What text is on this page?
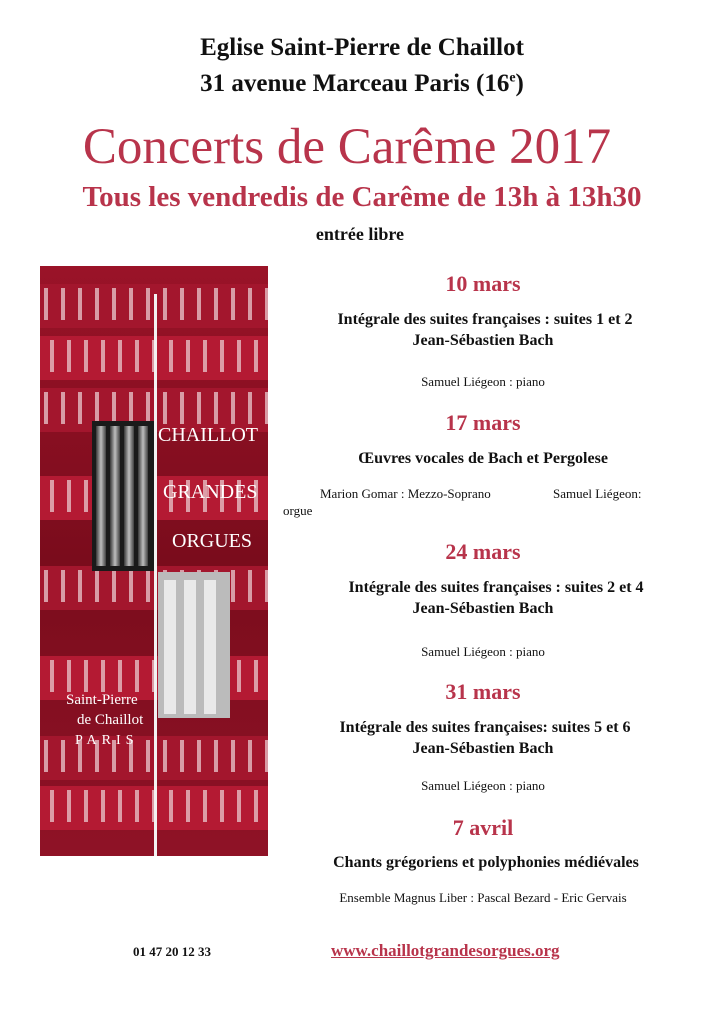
Eglise Saint-Pierre de Chaillot
31 avenue Marceau Paris (16e)
Concerts de Carême 2017
Tous les vendredis de Carême de 13h à 13h30
entrée libre
CHAILLOT
GRANDES
ORGUES
Saint-Pierre
de Chaillot
PARIS
10 mars
Intégrale des suites françaises : suites 1 et 2
Jean-Sébastien Bach
Samuel Liégeon : piano
17 mars
Œuvres vocales de Bach et Pergolese
Marion Gomar : Mezzo-Soprano	Samuel Liégeon:
orgue
24 mars
Intégrale des suites françaises : suites 2 et 4
Jean-Sébastien Bach
Samuel Liégeon : piano
31 mars
Intégrale des suites françaises: suites 5 et 6
Jean-Sébastien Bach
Samuel Liégeon : piano
7 avril
Chants grégoriens et polyphonies médiévales
Ensemble Magnus Liber : Pascal Bezard - Eric Gervais
01 47 20 12 33	www.chaillotgrandesorgues.org
